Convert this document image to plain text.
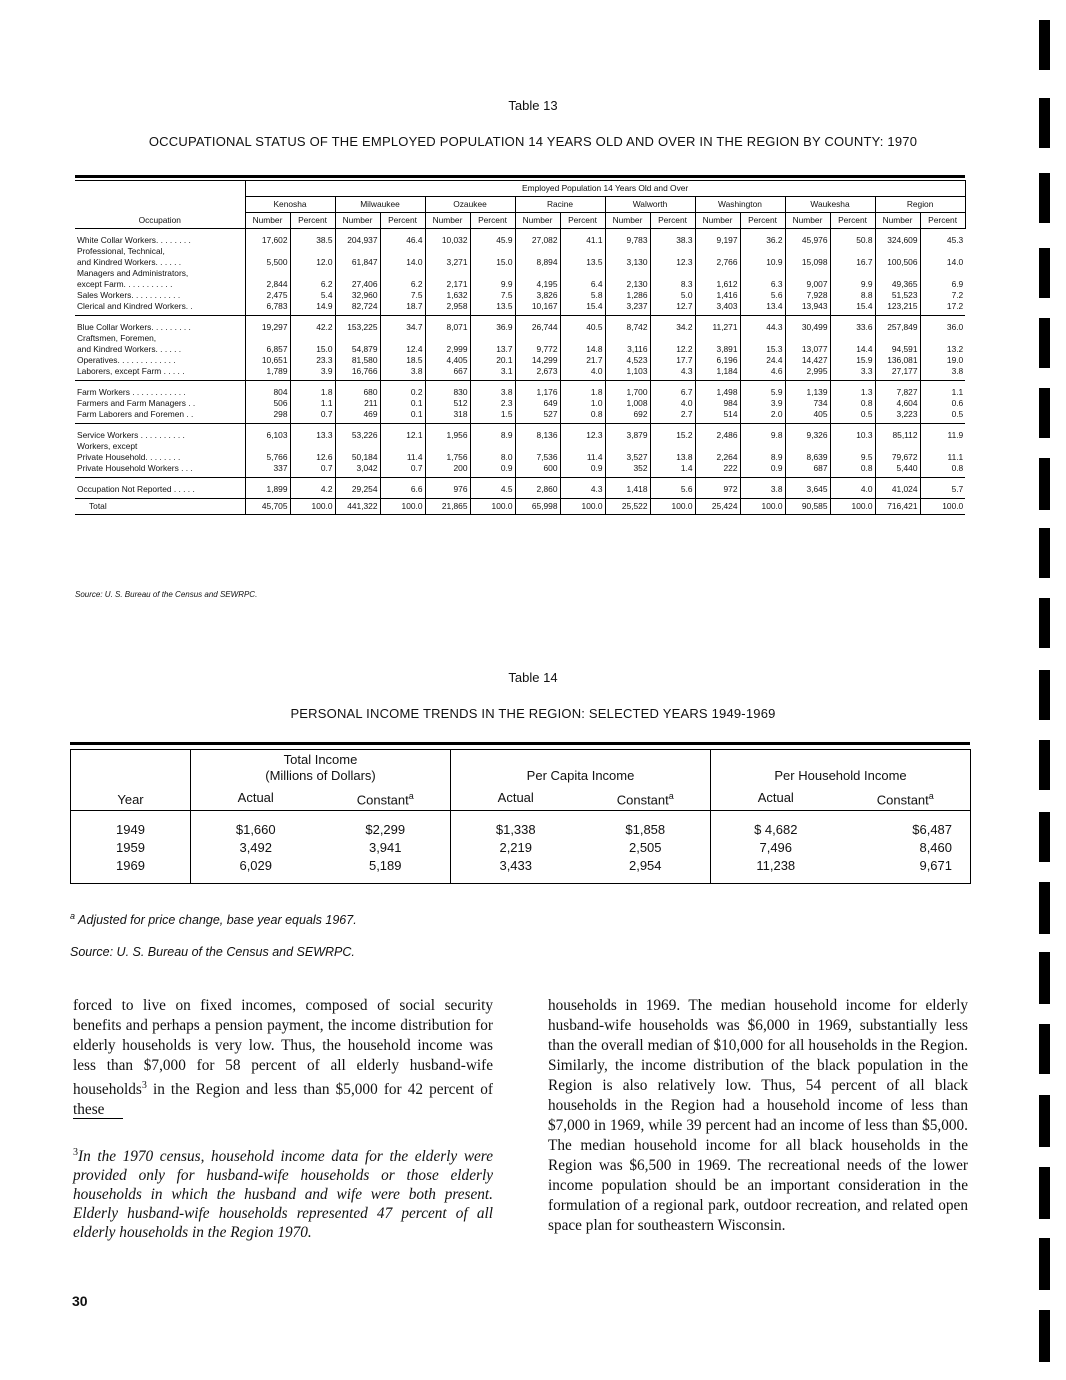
Table 13
OCCUPATIONAL STATUS OF THE EMPLOYED POPULATION 14 YEARS OLD AND OVER IN THE REGION BY COUNTY: 1970
Occupation	Employed Population 14 Years Old and Over															
	Kenosha		Milwaukee		Ozaukee		Racine		Walworth		Washington		Waukesha		Region	
	Number	Percent	Number	Percent	Number	Percent	Number	Percent	Number	Percent	Number	Percent	Number	Percent	Number	Percent
White Collar Workers. . . . . . . .	17,602	38.5	204,937	46.4	10,032	45.9	27,082	41.1	9,783	38.3	9,197	36.2	45,976	50.8	324,609	45.3
Professional, Technical,																
and Kindred Workers. . . . . .	5,500	12.0	61,847	14.0	3,271	15.0	8,894	13.5	3,130	12.3	2,766	10.9	15,098	16.7	100,506	14.0
Managers and Administrators,																
except Farm. . . . . . . . . . .	2,844	6.2	27,406	6.2	2,171	9.9	4,195	6.4	2,130	8.3	1,612	6.3	9,007	9.9	49,365	6.9
Sales Workers. . . . . . . . . . .	2,475	5.4	32,960	7.5	1,632	7.5	3,826	5.8	1,286	5.0	1,416	5.6	7,928	8.8	51,523	7.2
Clerical and Kindred Workers. .	6,783	14.9	82,724	18.7	2,958	13.5	10,167	15.4	3,237	12.7	3,403	13.4	13,943	15.4	123,215	17.2
Blue Collar Workers. . . . . . . . .	19,297	42.2	153,225	34.7	8,071	36.9	26,744	40.5	8,742	34.2	11,271	44.3	30,499	33.6	257,849	36.0
Craftsmen, Foremen,																
and Kindred Workers. . . . . .	6,857	15.0	54,879	12.4	2,999	13.7	9,772	14.8	3,116	12.2	3,891	15.3	13,077	14.4	94,591	13.2
Operatives. . . . . . . . . . . . .	10,651	23.3	81,580	18.5	4,405	20.1	14,299	21.7	4,523	17.7	6,196	24.4	14,427	15.9	136,081	19.0
Laborers, except Farm . . . . .	1,789	3.9	16,766	3.8	667	3.1	2,673	4.0	1,103	4.3	1,184	4.6	2,995	3.3	27,177	3.8
Farm Workers . . . . . . . . . . . .	804	1.8	680	0.2	830	3.8	1,176	1.8	1,700	6.7	1,498	5.9	1,139	1.3	7,827	1.1
Farmers and Farm Managers . .	506	1.1	211	0.1	512	2.3	649	1.0	1,008	4.0	984	3.9	734	0.8	4,604	0.6
Farm Laborers and Foremen . .	298	0.7	469	0.1	318	1.5	527	0.8	692	2.7	514	2.0	405	0.5	3,223	0.5
Service Workers . . . . . . . . . .	6,103	13.3	53,226	12.1	1,956	8.9	8,136	12.3	3,879	15.2	2,486	9.8	9,326	10.3	85,112	11.9
Workers, except																
Private Household. . . . . . . .	5,766	12.6	50,184	11.4	1,756	8.0	7,536	11.4	3,527	13.8	2,264	8.9	8,639	9.5	79,672	11.1
Private Household Workers . . .	337	0.7	3,042	0.7	200	0.9	600	0.9	352	1.4	222	0.9	687	0.8	5,440	0.8
Occupation Not Reported . . . . .	1,899	4.2	29,254	6.6	976	4.5	2,860	4.3	1,418	5.6	972	3.8	3,645	4.0	41,024	5.7
Total	45,705	100.0	441,322	100.0	21,865	100.0	65,998	100.0	25,522	100.0	25,424	100.0	90,585	100.0	716,421	100.0
Source: U. S. Bureau of the Census and SEWRPC.
Table 14
PERSONAL INCOME TRENDS IN THE REGION: SELECTED YEARS 1949-1969
Year	Total Income
(Millions of Dollars)		Per Capita Income		Per Household Income	
	Actual	Constant$^a$	Actual	Constant$^a$	Actual	Constant$^a$

1949	$1,660	$2,299	$1,338	$1,858	$ 4,682	$6,487
1959	3,492	3,941	2,219	2,505	7,496	8,460
1969	6,029	5,189	3,433	2,954	11,238	9,671
$^a$ Adjusted for price change, base year equals 1967.
Source: U. S. Bureau of the Census and SEWRPC.
forced to live on fixed incomes, composed of social security benefits and perhaps a pension payment, the income distribution for elderly households is very low. Thus, the household income was less than $7,000 for 58 percent of all elderly husband-wife households$^3$ in the Region and less than $5,000 for 42 percent of these
$^3$In the 1970 census, household income data for the elderly were provided only for husband-wife households or those elderly households in which the husband and wife were both present. Elderly husband-wife households represented 47 percent of all elderly households in the Region 1970.
households in 1969. The median household income for elderly husband-wife households was $6,000 in 1969, substantially less than the overall median of $10,000 for all households in the Region. Similarly, the income distribution of the black population in the Region is also relatively low. Thus, 54 percent of all black households in the Region had a household income of less than $7,000 in 1969, while 39 percent had an income of less than $5,000. The median household income for all black households in the Region was $6,500 in 1969. The recreational needs of the lower income population should be an important consideration in the formulation of a regional park, outdoor recreation, and related open space plan for southeastern Wisconsin.
30
